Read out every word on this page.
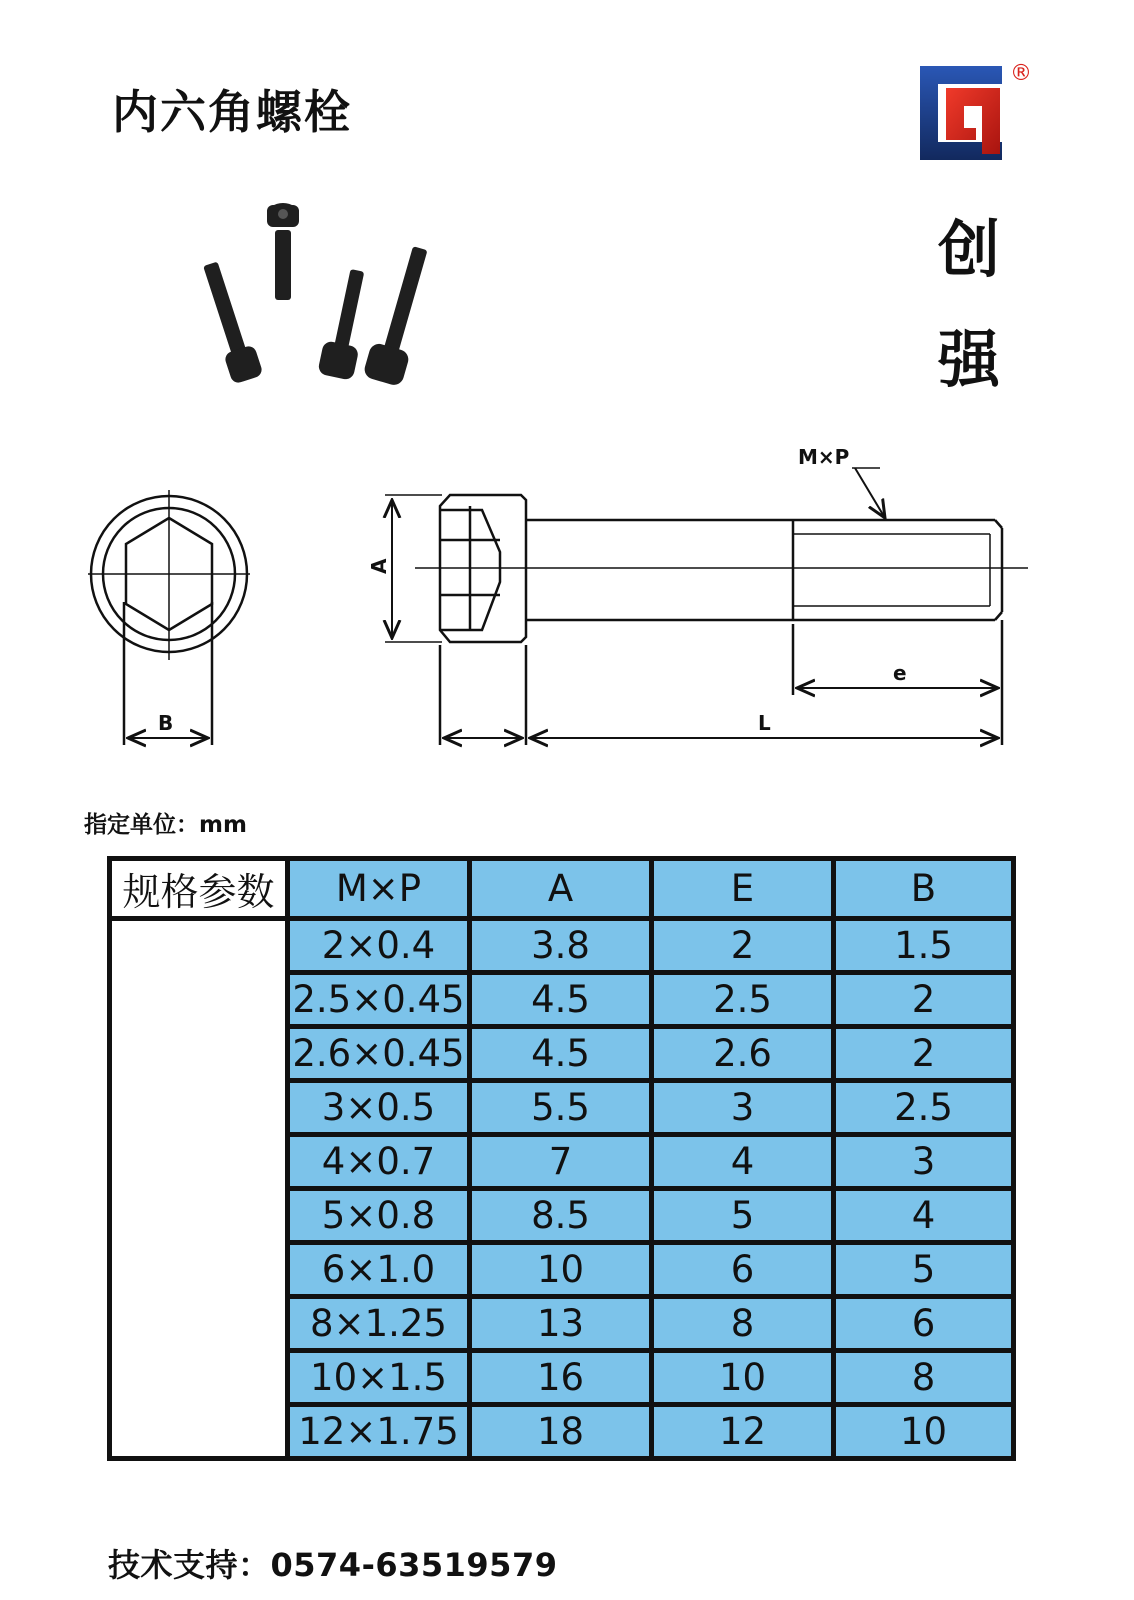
内六角螺栓
®
创
强
B
A
M×P
e
L
指定单位：mm
规格参数	M×P	A	E	B
	2×0.4	3.8	2	1.5
	2.5×0.45	4.5	2.5	2
	2.6×0.45	4.5	2.6	2
	3×0.5	5.5	3	2.5
	4×0.7	7	4	3
	5×0.8	8.5	5	4
	6×1.0	10	6	5
	8×1.25	13	8	6
	10×1.5	16	10	8
	12×1.75	18	12	10
技术支持：0574-63519579
